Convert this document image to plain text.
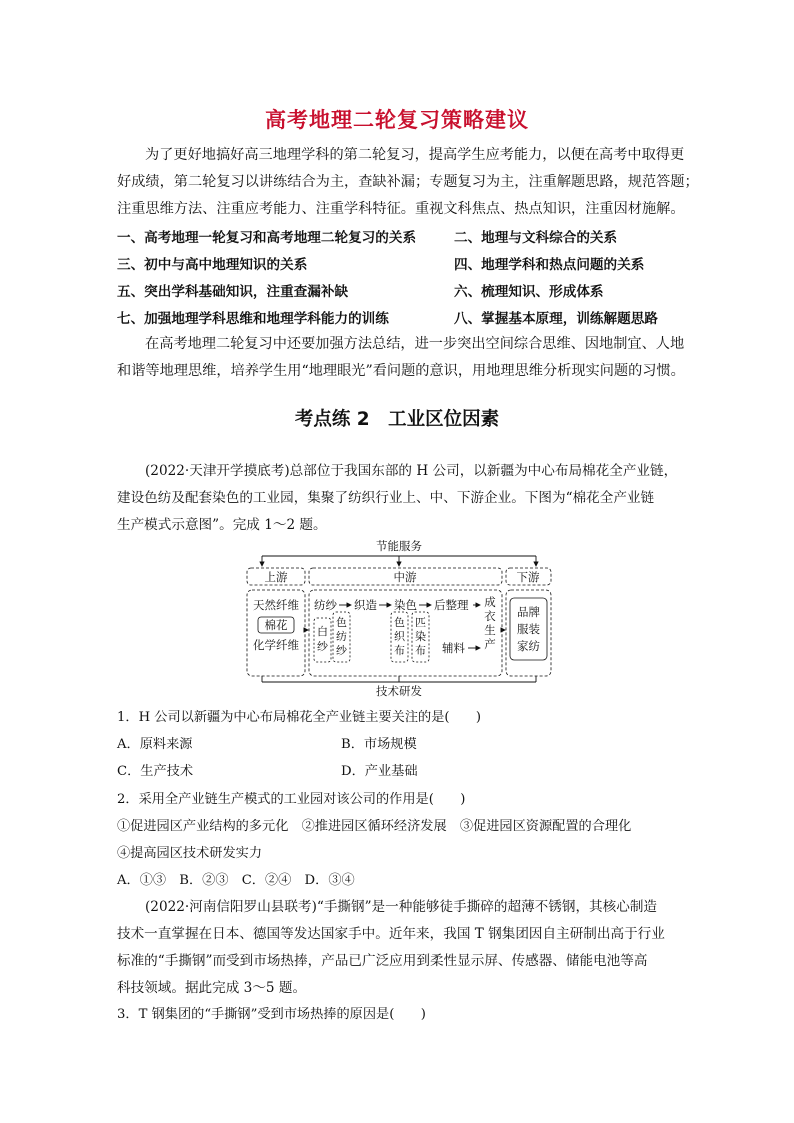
高考地理二轮复习策略建议
为了更好地搞好高三地理学科的第二轮复习，提高学生应考能力，以便在高考中取得更
好成绩，第二轮复习以讲练结合为主，查缺补漏；专题复习为主，注重解题思路，规范答题；
注重思维方法、注重应考能力、注重学科特征。重视文科焦点、热点知识，注重因材施解。
一、高考地理一轮复习和高考地理二轮复习的关系	二、地理与文科综合的关系
三、初中与高中地理知识的关系	四、地理学科和热点问题的关系
五、突出学科基础知识，注重查漏补缺	六、梳理知识、形成体系
七、加强地理学科思维和地理学科能力的训练	八、掌握基本原理，训练解题思路
在高考地理二轮复习中还要加强方法总结，进一步突出空间综合思维、因地制宜、人地
和谐等地理思维，培养学生用“地理眼光”看问题的意识，用地理思维分析现实问题的习惯。
考点练 2　工业区位因素
(2022·天津开学摸底考)总部位于我国东部的 H 公司，以新疆为中心布局棉花全产业链，
建设色纺及配套染色的工业园，集聚了纺织行业上、中、下游企业。下图为“棉花全产业链
生产模式示意图”。完成 1～2 题。
节能服务
上游	中游	下游
天然纤维
棉花
化学纤维
纺纱 织造 染色 后整理 成
衣
生
产
白
纱
色
纺
纱
色
织
布
匹
染
布 辅料
品牌
服装
家纺
技术研发
1．H 公司以新疆为中心布局棉花全产业链主要关注的是(　　)
A．原料来源	B．市场规模
C．生产技术	D．产业基础
2．采用全产业链生产模式的工业园对该公司的作用是(　　)
①促进园区产业结构的多元化　②推进园区循环经济发展　③促进园区资源配置的合理化
④提高园区技术研发实力
A．①③　B．②③　C．②④　D．③④
(2022·河南信阳罗山县联考)“手撕钢”是一种能够徒手撕碎的超薄不锈钢，其核心制造
技术一直掌握在日本、德国等发达国家手中。近年来，我国 T 钢集团因自主研制出高于行业
标准的“手撕钢”而受到市场热捧，产品已广泛应用到柔性显示屏、传感器、储能电池等高
科技领域。据此完成 3～5 题。
3．T 钢集团的“手撕钢”受到市场热捧的原因是(　　)
